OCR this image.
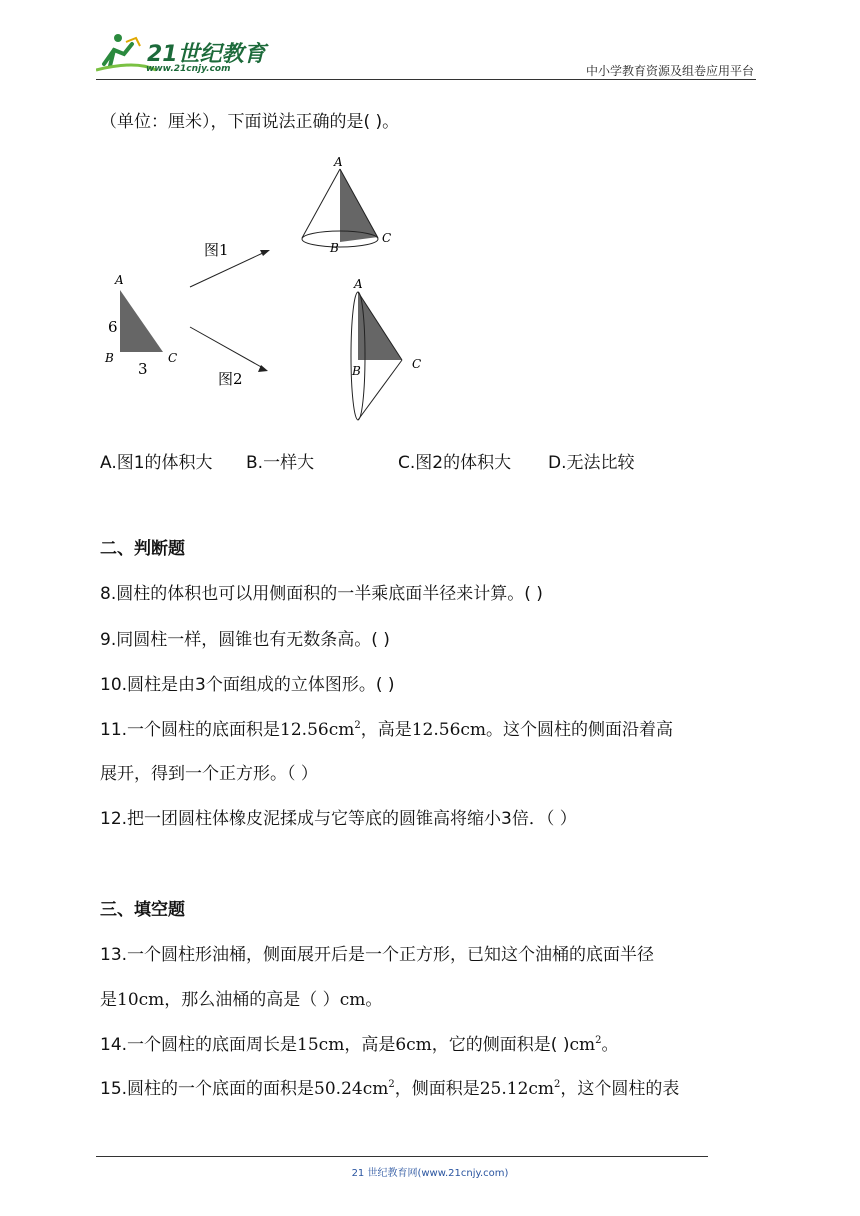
21世纪教育
www.21cnjy.com	中小学教育资源及组卷应用平台
（单位：厘米），下面说法正确的是( )。
A
B	C
6
3
图1
图2
A
B
C
A
B	C
A.图1的体积大 B.一样大	C.图2的体积大 D.无法比较
二、判断题
8.圆柱的体积也可以用侧面积的一半乘底面半径来计算。( )
9.同圆柱一样，圆锥也有无数条高。( )
10.圆柱是由3个面组成的立体图形。( )
11.一个圆柱的底面积是$12.56cm^2$，高是12.56cm。这个圆柱的侧面沿着高
展开，得到一个正方形。（ ）
12.把一团圆柱体橡皮泥揉成与它等底的圆锥高将缩小3倍．（ ）
三、填空题
13.一个圆柱形油桶，侧面展开后是一个正方形，已知这个油桶的底面半径
是10cm，那么油桶的高是（ ）cm。
14.一个圆柱的底面周长是15cm，高是6cm，它的侧面积是( )$cm^2$。
15.圆柱的一个底面的面积是$50.24cm^2$，侧面积是$25.12cm^2$，这个圆柱的表
21 世纪教育网(www.21cnjy.com)
